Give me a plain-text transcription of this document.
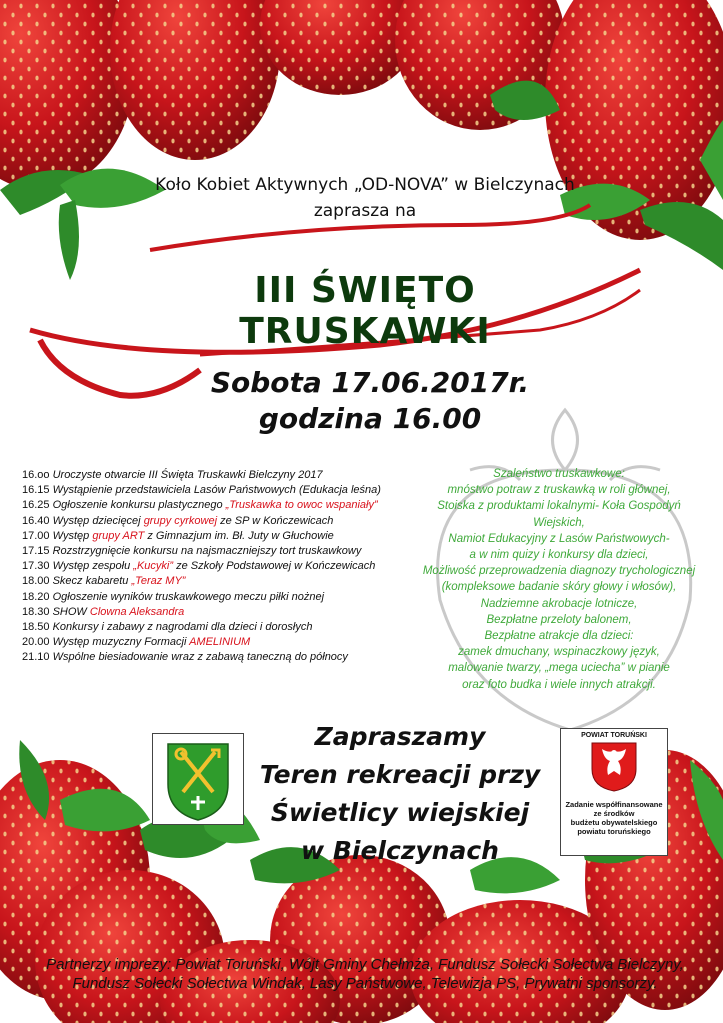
Koło Kobiet Aktywnych „OD-NOVA” w Bielczynach
zaprasza na
III ŚWIĘTO TRUSKAWKI
Sobota 17.06.2017r.
godzina 16.00
16.oo Uroczyste otwarcie III Święta Truskawki Bielczyny 2017
16.15 Wystąpienie przedstawiciela Lasów Państwowych (Edukacja leśna)
16.25 Ogłoszenie konkursu plastycznego „Truskawka to owoc wspaniały”
16.40 Występ dziecięcej grupy cyrkowej ze SP w Kończewicach
17.00 Występ grupy ART z Gimnazjum im. Bł. Juty w Głuchowie
17.15 Rozstrzygnięcie konkursu na najsmaczniejszy tort truskawkowy
17.30 Występ zespołu „Kucyki” ze Szkoły Podstawowej w Kończewicach
18.00 Skecz kabaretu „Teraz MY”
18.20 Ogłoszenie wyników truskawkowego meczu piłki nożnej
18.30 SHOW Clowna Aleksandra
18.50 Konkursy i zabawy z nagrodami dla dzieci i dorosłych
20.00 Występ muzyczny Formacji AMELINIUM
21.10 Wspólne biesiadowanie wraz z zabawą taneczną do północy
Szaleństwo truskawkowe:
mnóstwo potraw z truskawką w roli głównej,
Stoiska z produktami lokalnymi- Koła Gospodyń Wiejskich,
Namiot Edukacyjny z Lasów Państwowych-
a w nim quizy i konkursy dla dzieci,
Możliwość przeprowadzenia diagnozy trychologicznej
(kompleksowe badanie skóry głowy i włosów),
Nadziemne akrobacje lotnicze,
Bezpłatne przeloty balonem,
Bezpłatne atrakcje dla dzieci:
zamek dmuchany, wspinaczkowy język,
malowanie twarzy, „mega uciecha” w pianie
oraz foto budka i wiele innych atrakcji.
Zapraszamy
Teren rekreacji przy
Świetlicy wiejskiej
w Bielczynach
POWIAT TORUŃSKI
Zadanie współfinansowane
ze środków
budżetu obywatelskiego
powiatu toruńskiego
Partnerzy imprezy: Powiat Toruński, Wójt Gminy Chełmża, Fundusz Sołecki Sołectwa Bielczyny,
Fundusz Sołecki Sołectwa Windak, Lasy Państwowe, Telewizja PS, Prywatni sponsorzy.
